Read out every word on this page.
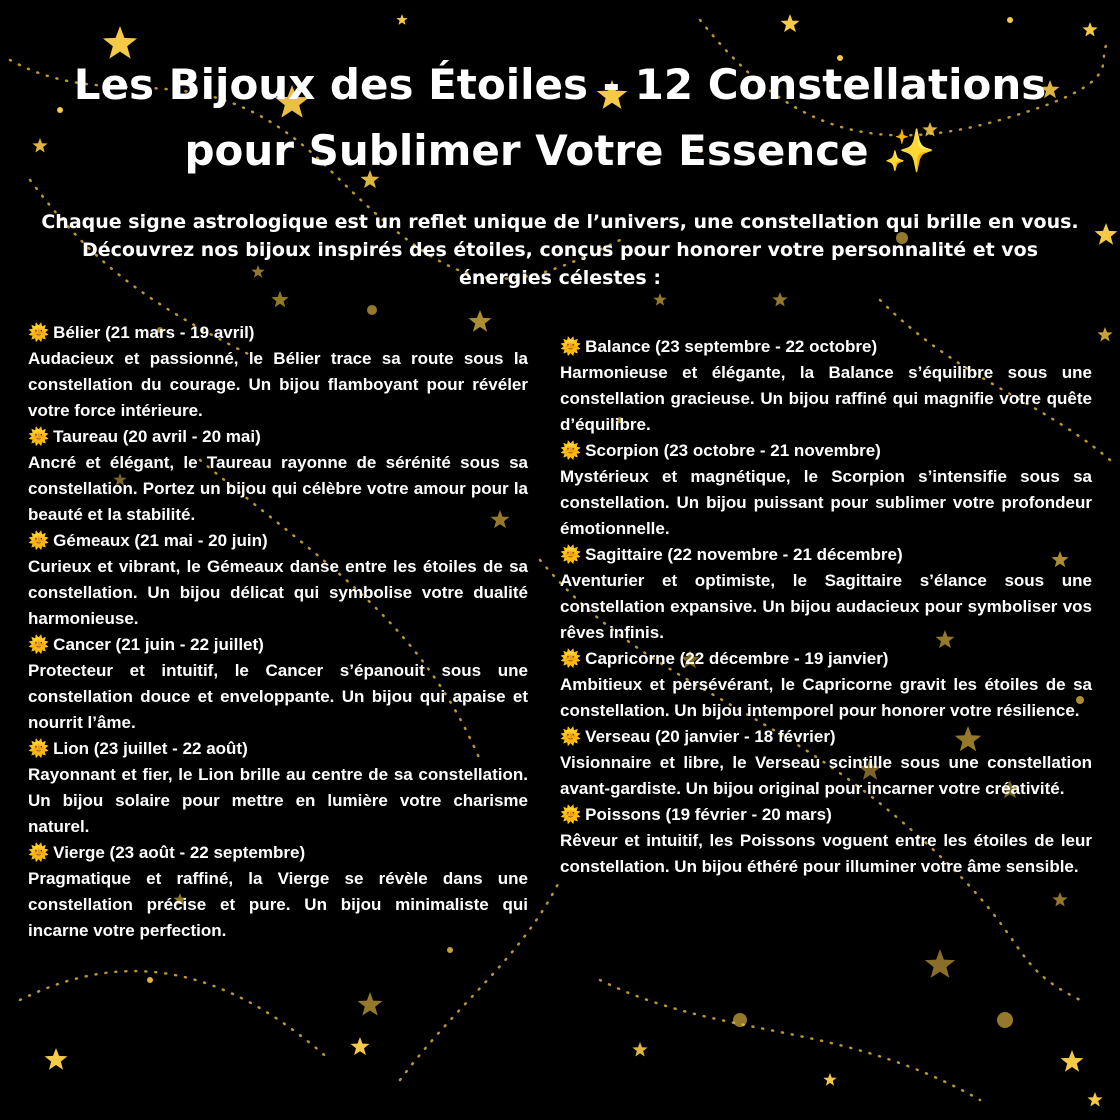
Les Bijoux des Étoiles - 12 Constellations pour Sublimer Votre Essence ✨

Chaque signe astrologique est un reflet unique de l’univers, une constellation qui brille en vous. Découvrez nos bijoux inspirés des étoiles, conçus pour honorer votre personnalité et vos énergies célestes :

🌞 Bélier (21 mars - 19 avril)
Audacieux et passionné, le Bélier trace sa route sous la constellation du courage. Un bijou flamboyant pour révéler votre force intérieure.
🌞 Taureau (20 avril - 20 mai)
Ancré et élégant, le Taureau rayonne de sérénité sous sa constellation. Portez un bijou qui célèbre votre amour pour la beauté et la stabilité.
🌞 Gémeaux (21 mai - 20 juin)
Curieux et vibrant, le Gémeaux danse entre les étoiles de sa constellation. Un bijou délicat qui symbolise votre dualité harmonieuse.
🌞 Cancer (21 juin - 22 juillet)
Protecteur et intuitif, le Cancer s’épanouit sous une constellation douce et enveloppante. Un bijou qui apaise et nourrit l’âme.
🌞 Lion (23 juillet - 22 août)
Rayonnant et fier, le Lion brille au centre de sa constellation. Un bijou solaire pour mettre en lumière votre charisme naturel.
🌞 Vierge (23 août - 22 septembre)
Pragmatique et raffiné, la Vierge se révèle dans une constellation précise et pure. Un bijou minimaliste qui incarne votre perfection.
🌞 Balance (23 septembre - 22 octobre)
Harmonieuse et élégante, la Balance s’équilibre sous une constellation gracieuse. Un bijou raffiné qui magnifie votre quête d’équilibre.
🌞 Scorpion (23 octobre - 21 novembre)
Mystérieux et magnétique, le Scorpion s’intensifie sous sa constellation. Un bijou puissant pour sublimer votre profondeur émotionnelle.
🌞 Sagittaire (22 novembre - 21 décembre)
Aventurier et optimiste, le Sagittaire s’élance sous une constellation expansive. Un bijou audacieux pour symboliser vos rêves infinis.
🌞 Capricorne (22 décembre - 19 janvier)
Ambitieux et persévérant, le Capricorne gravit les étoiles de sa constellation. Un bijou intemporel pour honorer votre résilience.
🌞 Verseau (20 janvier - 18 février)
Visionnaire et libre, le Verseau scintille sous une constellation avant-gardiste. Un bijou original pour incarner votre créativité.
🌞 Poissons (19 février - 20 mars)
Rêveur et intuitif, les Poissons voguent entre les étoiles de leur constellation. Un bijou éthéré pour illuminer votre âme sensible.
